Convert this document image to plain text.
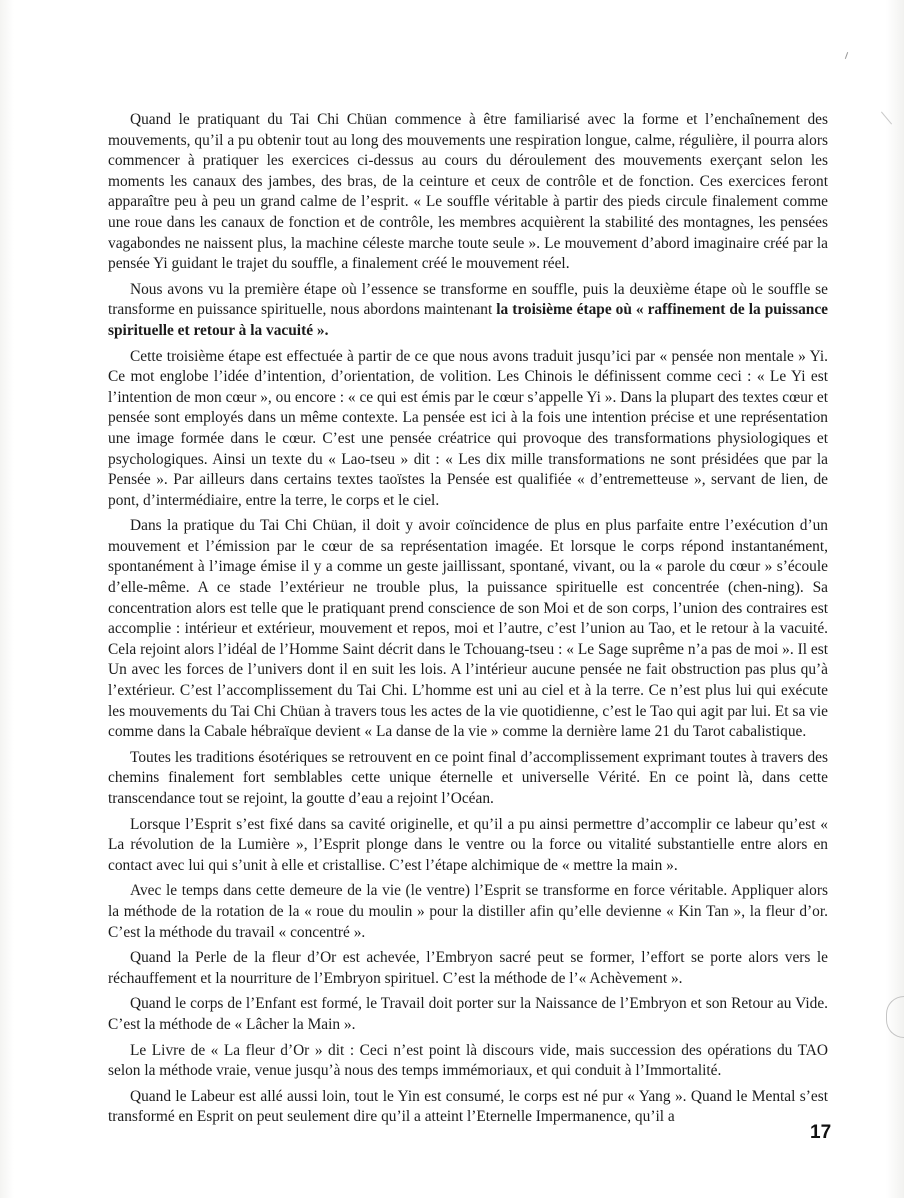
Quand le pratiquant du Tai Chi Chüan commence à être familiarisé avec la forme et l’enchaînement des mouvements, qu’il a pu obtenir tout au long des mouvements une respiration longue, calme, régulière, il pourra alors commencer à pratiquer les exercices ci-dessus au cours du déroulement des mouvements exerçant selon les moments les canaux des jambes, des bras, de la ceinture et ceux de contrôle et de fonction. Ces exercices feront apparaître peu à peu un grand calme de l’esprit. « Le souffle véritable à partir des pieds circule finalement comme une roue dans les canaux de fonction et de contrôle, les membres acquièrent la stabilité des montagnes, les pensées vagabondes ne naissent plus, la machine céleste marche toute seule ». Le mouvement d’abord imaginaire créé par la pensée Yi guidant le trajet du souffle, a finalement créé le mouvement réel.

Nous avons vu la première étape où l’essence se transforme en souffle, puis la deuxième étape où le souffle se transforme en puissance spirituelle, nous abordons maintenant la troisième étape où « raffinement de la puissance spirituelle et retour à la vacuité ».

Cette troisième étape est effectuée à partir de ce que nous avons traduit jusqu’ici par « pensée non mentale » Yi. Ce mot englobe l’idée d’intention, d’orientation, de volition. Les Chinois le définissent comme ceci : « Le Yi est l’intention de mon cœur », ou encore : « ce qui est émis par le cœur s’appelle Yi ». Dans la plupart des textes cœur et pensée sont employés dans un même contexte. La pensée est ici à la fois une intention précise et une représentation une image formée dans le cœur. C’est une pensée créatrice qui provoque des transformations physiologiques et psychologiques. Ainsi un texte du « Lao-tseu » dit : « Les dix mille transformations ne sont présidées que par la Pensée ». Par ailleurs dans certains textes taoïstes la Pensée est qualifiée « d’entremetteuse », servant de lien, de pont, d’intermédiaire, entre la terre, le corps et le ciel.

Dans la pratique du Tai Chi Chüan, il doit y avoir coïncidence de plus en plus parfaite entre l’exécution d’un mouvement et l’émission par le cœur de sa représentation imagée. Et lorsque le corps répond instantanément, spontanément à l’image émise il y a comme un geste jaillissant, spontané, vivant, ou la « parole du cœur » s’écoule d’elle-même. A ce stade l’extérieur ne trouble plus, la puissance spirituelle est concentrée (chen-ning). Sa concentration alors est telle que le pratiquant prend conscience de son Moi et de son corps, l’union des contraires est accomplie : intérieur et extérieur, mouvement et repos, moi et l’autre, c’est l’union au Tao, et le retour à la vacuité. Cela rejoint alors l’idéal de l’Homme Saint décrit dans le Tchouang-tseu : « Le Sage suprême n’a pas de moi ». Il est Un avec les forces de l’univers dont il en suit les lois. A l’intérieur aucune pensée ne fait obstruction pas plus qu’à l’extérieur. C’est l’accomplissement du Tai Chi. L’homme est uni au ciel et à la terre. Ce n’est plus lui qui exécute les mouvements du Tai Chi Chüan à travers tous les actes de la vie quotidienne, c’est le Tao qui agit par lui. Et sa vie comme dans la Cabale hébraïque devient « La danse de la vie » comme la dernière lame 21 du Tarot cabalistique.

Toutes les traditions ésotériques se retrouvent en ce point final d’accomplissement exprimant toutes à travers des chemins finalement fort semblables cette unique éternelle et universelle Vérité. En ce point là, dans cette transcendance tout se rejoint, la goutte d’eau a rejoint l’Océan.

Lorsque l’Esprit s’est fixé dans sa cavité originelle, et qu’il a pu ainsi permettre d’accomplir ce labeur qu’est « La révolution de la Lumière », l’Esprit plonge dans le ventre ou la force ou vitalité substantielle entre alors en contact avec lui qui s’unit à elle et cristallise. C’est l’étape alchimique de « mettre la main ».

Avec le temps dans cette demeure de la vie (le ventre) l’Esprit se transforme en force véritable. Appliquer alors la méthode de la rotation de la « roue du moulin » pour la distiller afin qu’elle devienne « Kin Tan », la fleur d’or. C’est la méthode du travail « concentré ».

Quand la Perle de la fleur d’Or est achevée, l’Embryon sacré peut se former, l’effort se porte alors vers le réchauffement et la nourriture de l’Embryon spirituel. C’est la méthode de l’« Achèvement ».

Quand le corps de l’Enfant est formé, le Travail doit porter sur la Naissance de l’Embryon et son Retour au Vide. C’est la méthode de « Lâcher la Main ».

Le Livre de « La fleur d’Or » dit : Ceci n’est point là discours vide, mais succession des opérations du TAO selon la méthode vraie, venue jusqu’à nous des temps immémoriaux, et qui conduit à l’Immortalité.

Quand le Labeur est allé aussi loin, tout le Yin est consumé, le corps est né pur « Yang ». Quand le Mental s’est transformé en Esprit on peut seulement dire qu’il a atteint l’Eternelle Impermanence, qu’il a

17
